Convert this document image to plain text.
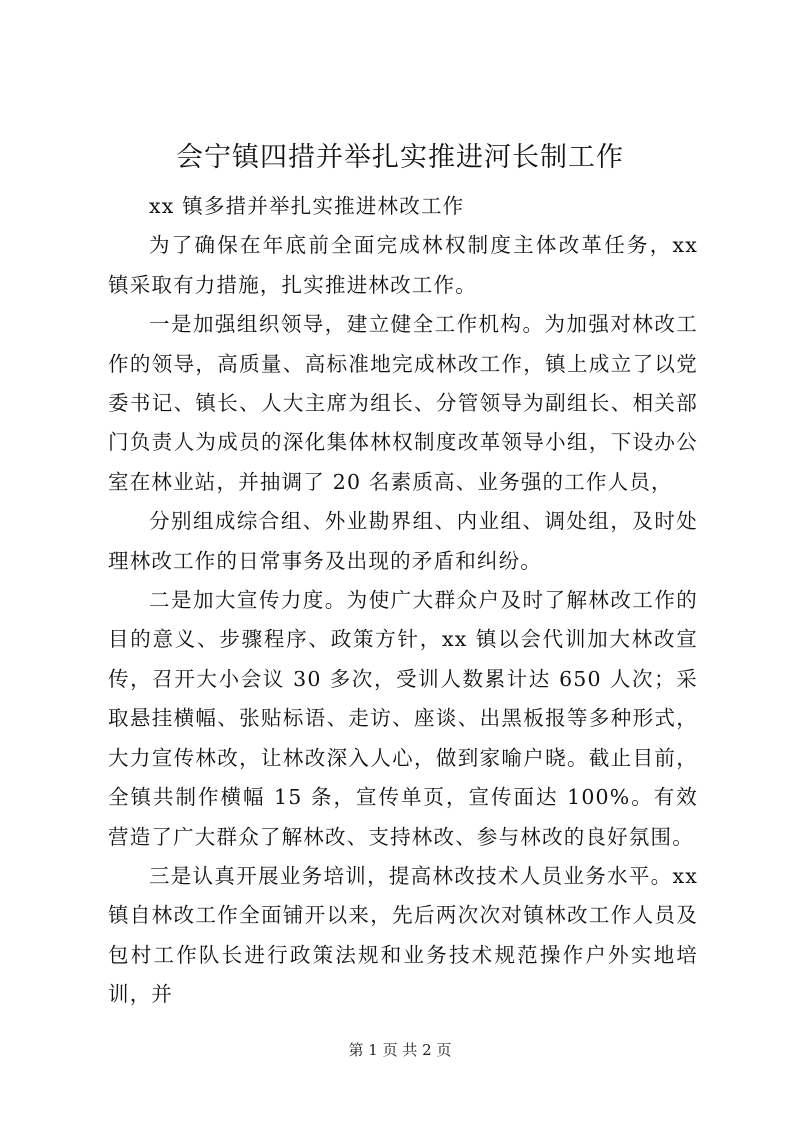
会宁镇四措并举扎实推进河长制工作

xx 镇多措并举扎实推进林改工作

为了确保在年底前全面完成林权制度主体改革任务，xx 镇采取有力措施，扎实推进林改工作。

一是加强组织领导，建立健全工作机构。为加强对林改工作的领导，高质量、高标准地完成林改工作，镇上成立了以党委书记、镇长、人大主席为组长、分管领导为副组长、相关部门负责人为成员的深化集体林权制度改革领导小组，下设办公室在林业站，并抽调了 20 名素质高、业务强的工作人员，

分别组成综合组、外业勘界组、内业组、调处组，及时处理林改工作的日常事务及出现的矛盾和纠纷。

二是加大宣传力度。为使广大群众户及时了解林改工作的目的意义、步骤程序、政策方针，xx 镇以会代训加大林改宣传，召开大小会议 30 多次，受训人数累计达 650 人次；采取悬挂横幅、张贴标语、走访、座谈、出黑板报等多种形式，大力宣传林改，让林改深入人心，做到家喻户晓。截止目前，全镇共制作横幅 15 条，宣传单页，宣传面达 100%。有效营造了广大群众了解林改、支持林改、参与林改的良好氛围。

三是认真开展业务培训，提高林改技术人员业务水平。xx 镇自林改工作全面铺开以来，先后两次次对镇林改工作人员及包村工作队长进行政策法规和业务技术规范操作户外实地培训，并

第 1 页 共 2 页
